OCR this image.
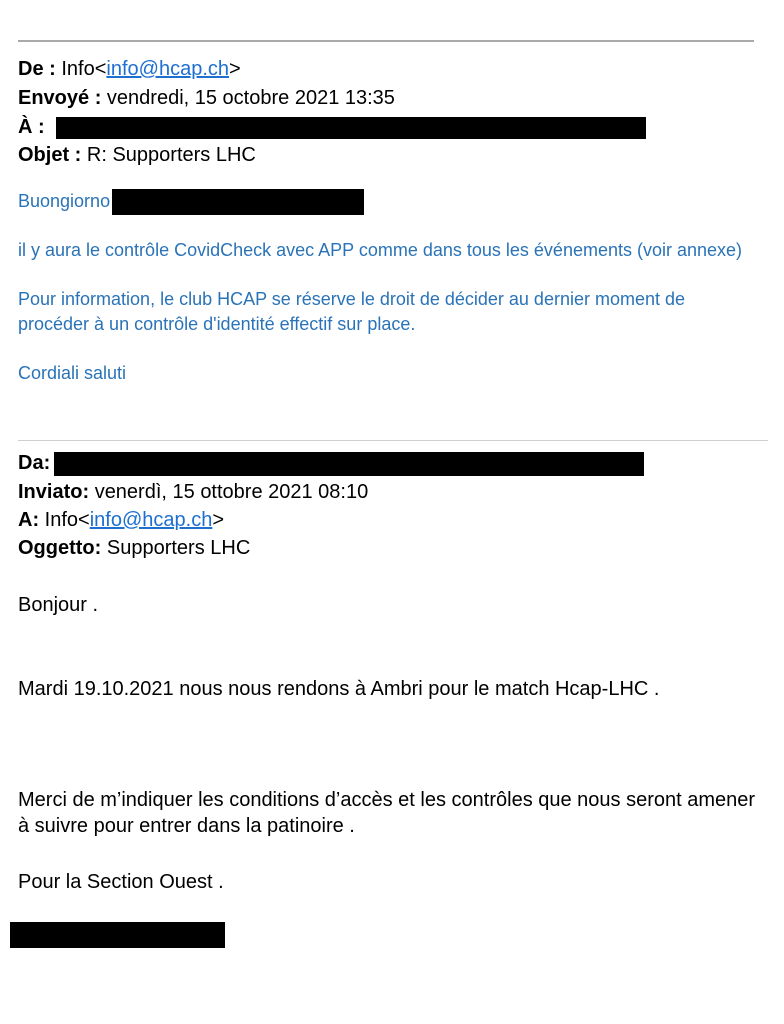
De : Info<info@hcap.ch>
Envoyé : vendredi, 15 octobre 2021 13:35
À :
Objet : R: Supporters LHC
Buongiorno
il y aura le contrôle CovidCheck avec APP comme dans tous les événements (voir annexe)
Pour information, le club HCAP se réserve le droit de décider au dernier moment de procéder à un contrôle d'identité effectif sur place.
Cordiali saluti
Da:
Inviato: venerdì, 15 ottobre 2021 08:10
A: Info<info@hcap.ch>
Oggetto: Supporters LHC
Bonjour .
Mardi 19.10.2021 nous nous rendons à Ambri pour le match Hcap-LHC .
Merci de m’indiquer les conditions d’accès et les contrôles que nous seront amener à suivre pour entrer dans la patinoire .
Pour la Section Ouest .
